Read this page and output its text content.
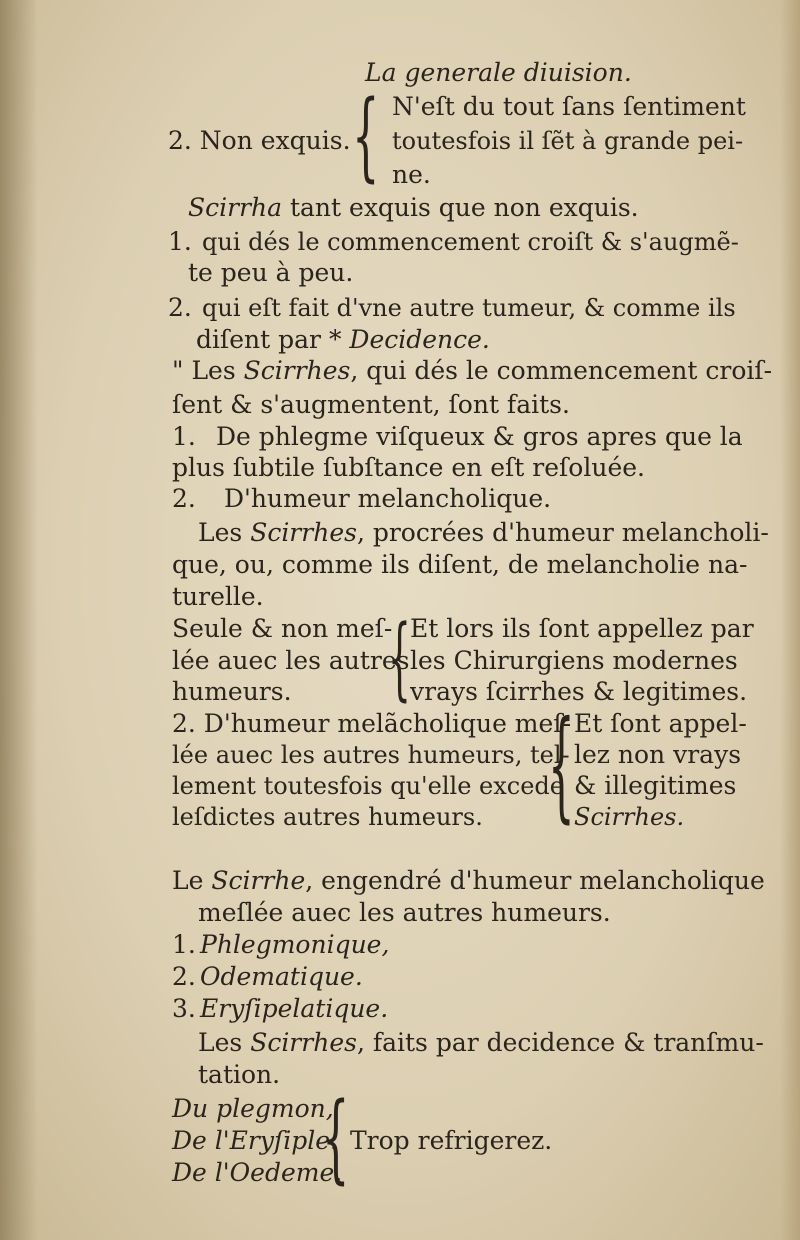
La generale diuision.
2. Non exquis. { N'eſt du tout ſans ſentiment
toutesfois il ſẽt à grande pei-
ne.
Scirrha tant exquis que non exquis.
1. qui dés le commencement croiſt & s'augmẽ-
te peu à peu.
2. qui eſt fait d'vne autre tumeur, & comme ils
diſent par * Decidence.
" Les Scirrhes, qui dés le commencement croiſ-
ſent & s'augmentent, ſont faits.
1. De phlegme viſqueux & gros apres que la
plus ſubtile ſubſtance en eſt reſoluée.
2. D'humeur melancholique.
Les Scirrhes, procrées d'humeur melancholi-
que, ou, comme ils diſent, de melancholie na-
turelle.
Seule & non meſ-
lée auec les autres
humeurs. { Et lors ils ſont appellez par
les Chirurgiens modernes
vrays ſcirrhes & legitimes.
2. D'humeur melãcholique meſ-
lée auec les autres humeurs, tel-
lement toutesfois qu'elle excede
leſdictes autres humeurs. { Et ſont appel-
lez non vrays
& illegitimes
Scirrhes.
Le Scirrhe, engendré d'humeur melancholique
meſlée auec les autres humeurs.
1. Phlegmonique,
2. Odematique.
3. Eryſipelatique.
Les Scirrhes, faits par decidence & tranſmu-
tation.
Du plegmon,
De l'Eryſiple.
De l'Oedeme.
{ Trop refrigerez.
